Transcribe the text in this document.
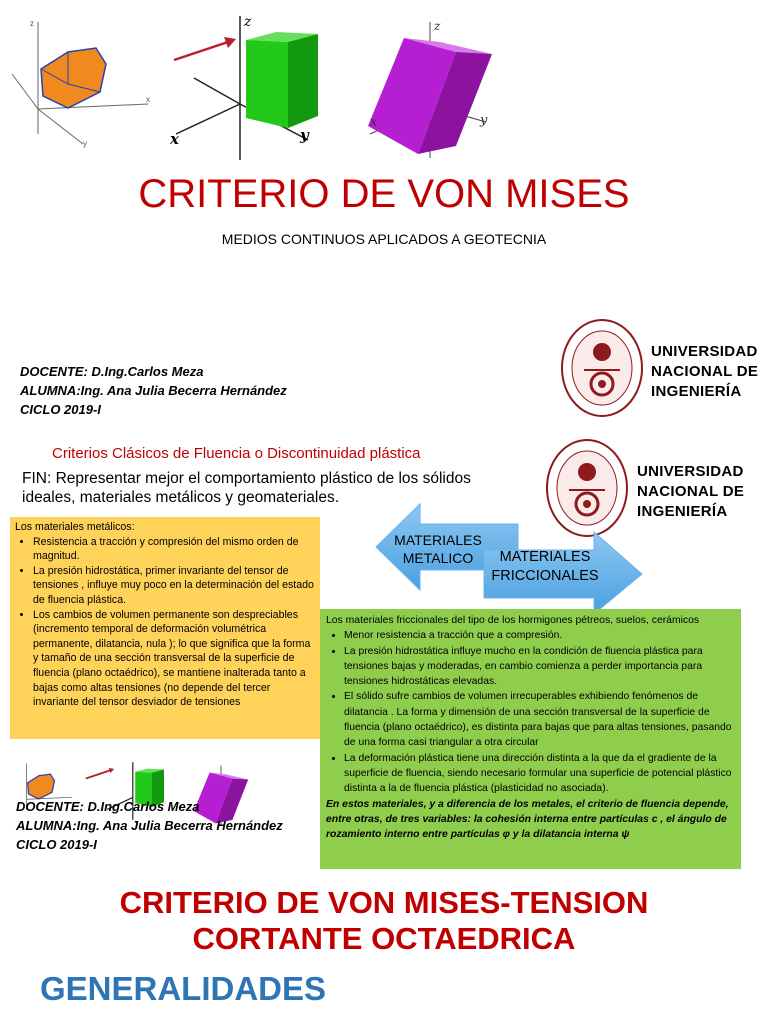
z
x
y
z
x	y
z
x	y
CRITERIO DE VON MISES
MEDIOS CONTINUOS APLICADOS A GEOTECNIA
DOCENTE: D.Ing.Carlos Meza
ALUMNA:Ing. Ana Julia Becerra Hernández
CICLO 2019-I
UNIVERSIDAD
NACIONAL DE
INGENIERÍA
UNIVERSIDAD
NACIONAL DE
INGENIERÍA
Criterios Clásicos de Fluencia o Discontinuidad plástica
FIN: Representar mejor el comportamiento plástico de los sólidos ideales, materiales metálicos y geomateriales.
MATERIALES
METALICO	MATERIALES
FRICCIONALES
Los materiales metálicos:
• Resistencia a tracción y compresión del mismo orden de magnitud.
• La presión hidrostática, primer invariante del tensor de tensiones , influye muy poco en la determinación del estado de fluencia plástica.
• Los cambios de volumen permanente son despreciables (incremento temporal de deformación volumétrica permanente, dilatancia, nula ); lo que significa que la forma y tamaño de una sección transversal de la superficie de fluencia (plano octaédrico), se mantiene inalterada tanto a bajas como altas tensiones (no depende del tercer invariante del tensor desviador de tensiones
Los materiales friccionales del tipo de los hormigones pétreos, suelos, cerámicos
• Menor resistencia a tracción que a compresión.
• La presión hidrostática influye mucho en la condición de fluencia plástica para tensiones bajas y moderadas, en cambio comienza a perder importancia para tensiones hidrostáticas elevadas.
• El sólido sufre cambios de volumen irrecuperables exhibiendo fenómenos de dilatancia . La forma y dimensión de una sección transversal de la superficie de fluencia (plano octaédrico), es distinta para bajas que para altas tensiones, pasando de una forma casi triangular a otra circular
• La deformación plástica tiene una dirección distinta a la que da el gradiente de la superficie de fluencia, siendo necesario formular una superficie de potencial plástico distinta a la de fluencia plástica (plasticidad no asociada).
En estos materiales, y a diferencia de los metales, el criterio de fluencia depende, entre otras, de tres variables: la cohesión interna entre partículas c , el ángulo de rozamiento interno entre partículas φ y la dilatancia interna ψ
DOCENTE: D.Ing.Carlos Meza
ALUMNA:Ing. Ana Julia Becerra Hernández
CICLO 2019-I
CRITERIO DE VON MISES-TENSION
CORTANTE OCTAEDRICA
GENERALIDADES
